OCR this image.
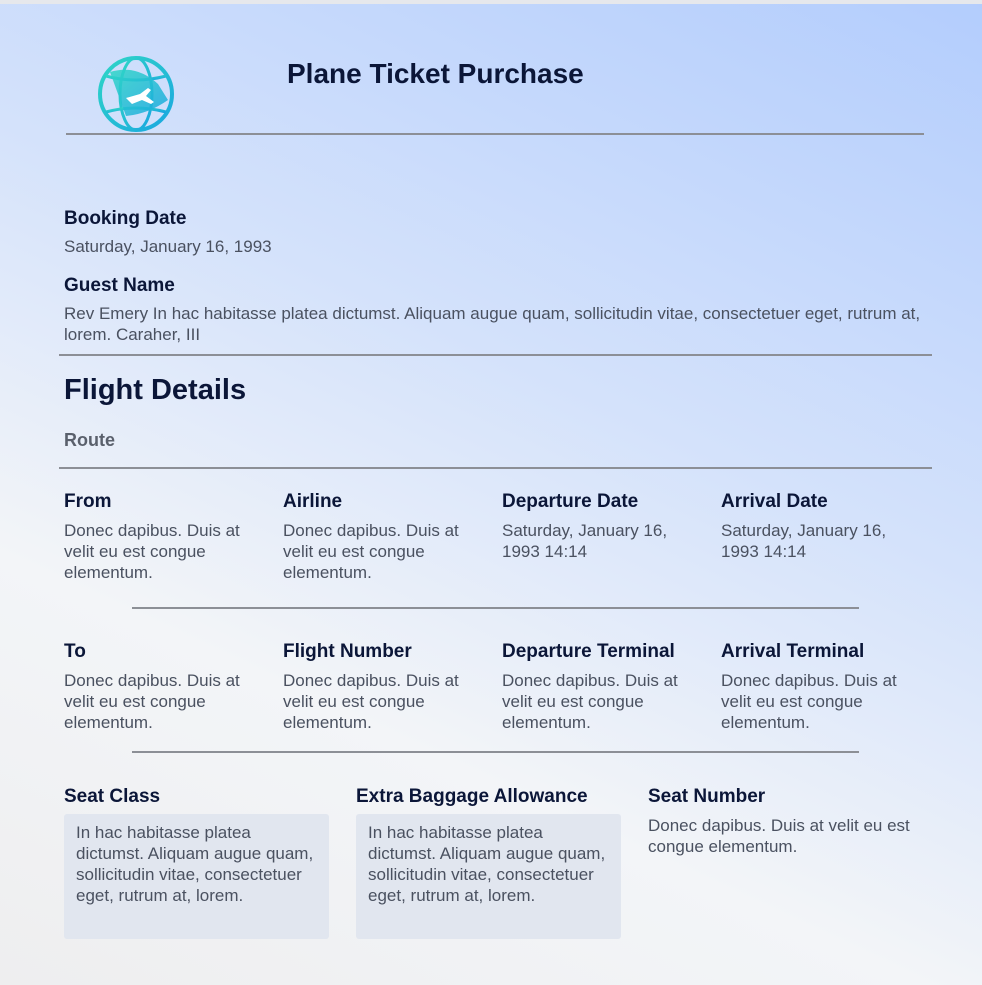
Plane Ticket Purchase
Booking Date
Saturday, January 16, 1993
Guest Name
Rev Emery In hac habitasse platea dictumst. Aliquam augue quam, sollicitudin vitae, consectetuer eget, rutrum at, lorem. Caraher, III
Flight Details
Route
From
Donec dapibus. Duis at velit eu est congue elementum.
Airline
Donec dapibus. Duis at velit eu est congue elementum.
Departure Date
Saturday, January 16, 1993 14:14
Arrival Date
Saturday, January 16, 1993 14:14
To
Donec dapibus. Duis at velit eu est congue elementum.
Flight Number
Donec dapibus. Duis at velit eu est congue elementum.
Departure Terminal
Donec dapibus. Duis at velit eu est congue elementum.
Arrival Terminal
Donec dapibus. Duis at velit eu est congue elementum.
Seat Class
In hac habitasse platea dictumst. Aliquam augue quam, sollicitudin vitae, consectetuer eget, rutrum at, lorem.
Extra Baggage Allowance
In hac habitasse platea dictumst. Aliquam augue quam, sollicitudin vitae, consectetuer eget, rutrum at, lorem.
Seat Number
Donec dapibus. Duis at velit eu est congue elementum.
